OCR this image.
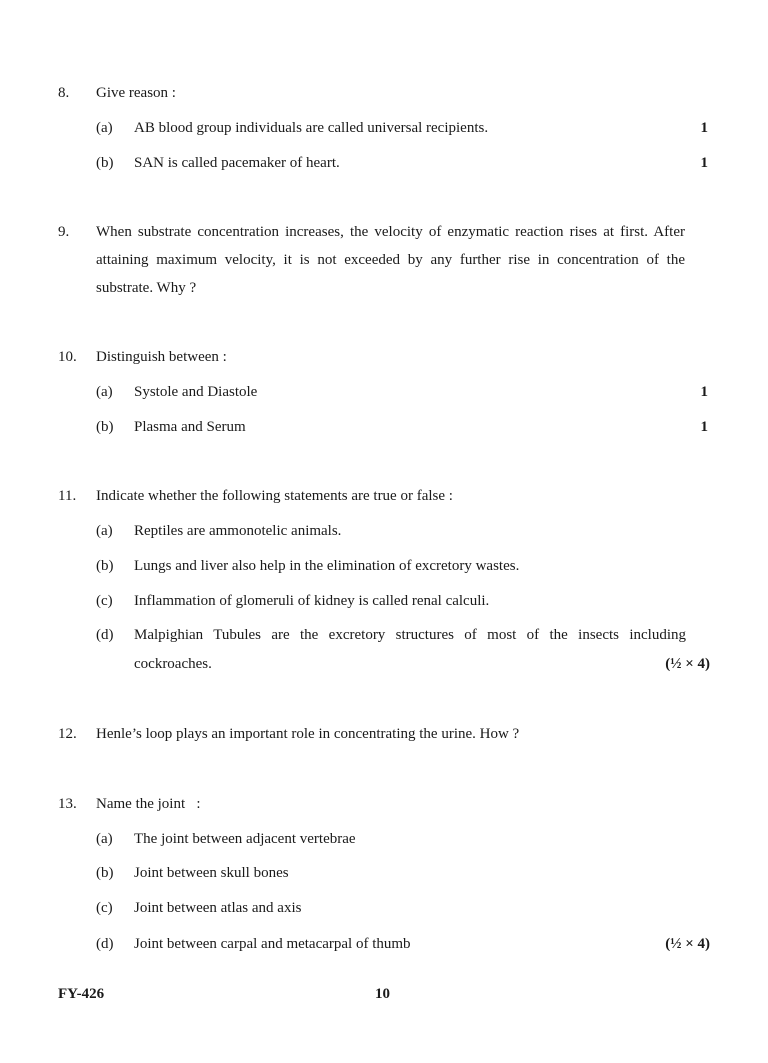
8. Give reason :
(a) AB blood group individuals are called universal recipients.	1
(b) SAN is called pacemaker of heart.	1
9. When substrate concentration increases, the velocity of enzymatic reaction rises at first. After attaining maximum velocity, it is not exceeded by any further rise in concentration of the substrate. Why ?
10. Distinguish between :
(a) Systole and Diastole	1
(b) Plasma and Serum	1
11. Indicate whether the following statements are true or false :
(a) Reptiles are ammonotelic animals.
(b) Lungs and liver also help in the elimination of excretory wastes.
(c) Inflammation of glomeruli of kidney is called renal calculi.
(d) Malpighian Tubules are the excretory structures of most of the insects including cockroaches.	(½ × 4)
12. Henle’s loop plays an important role in concentrating the urine. How ?
13. Name the joint   :
(a) The joint between adjacent vertebrae
(b) Joint between skull bones
(c) Joint between atlas and axis
(d) Joint between carpal and metacarpal of thumb	(½ × 4)
FY-426	10
